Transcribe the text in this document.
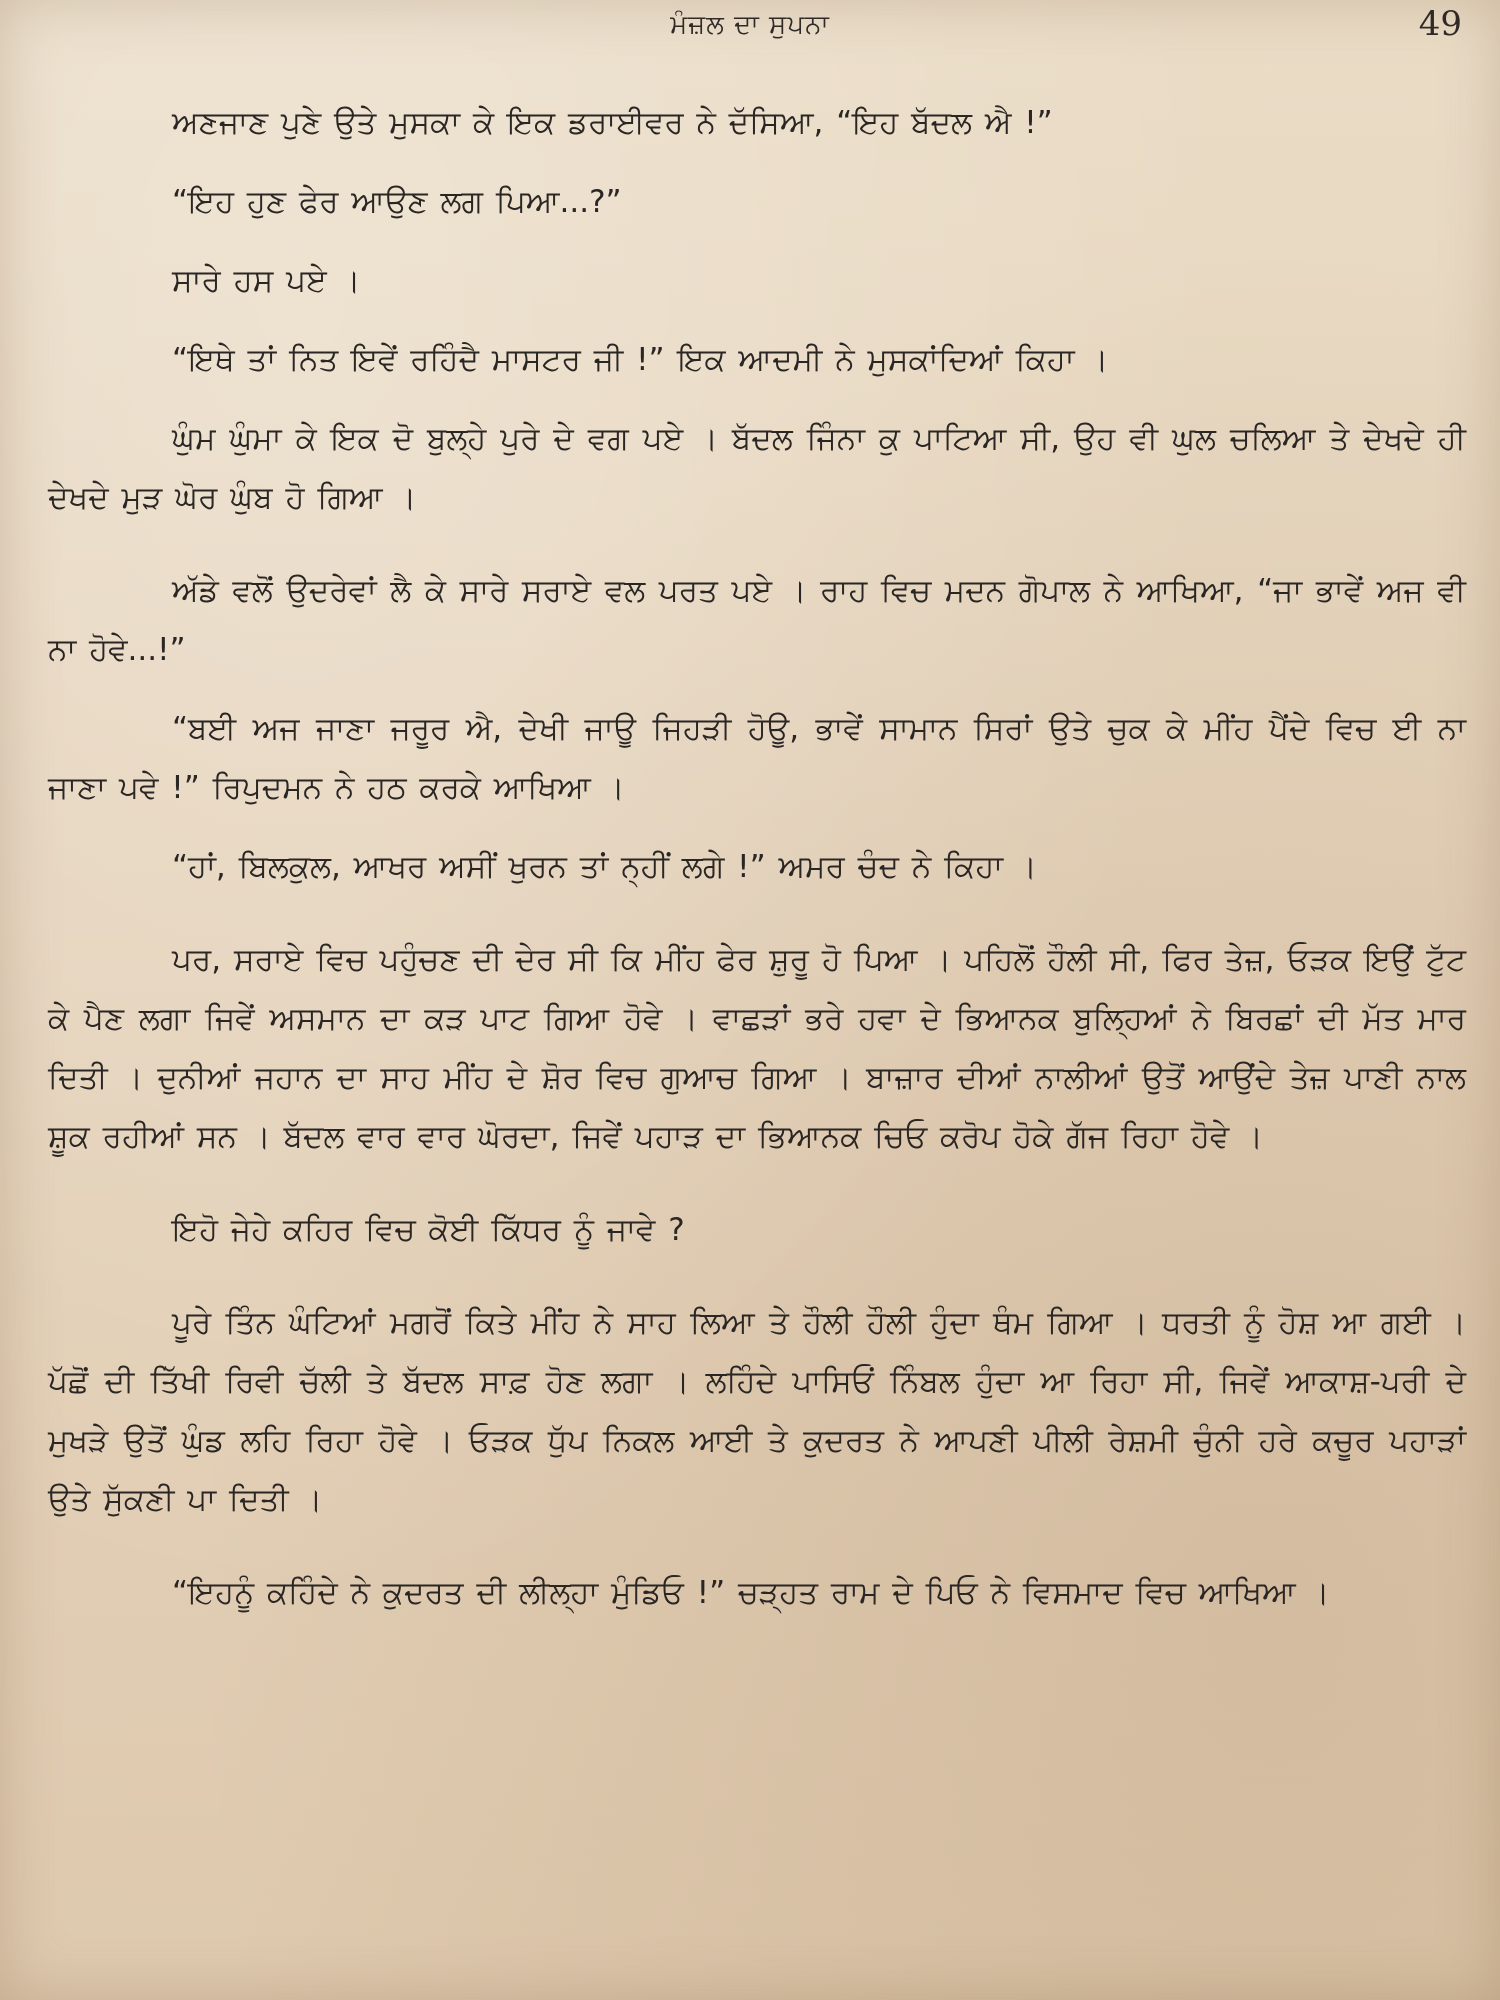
ਮੰਜ਼ਲ ਦਾ ਸੁਪਨਾ	49

ਅਣਜਾਣ ਪੁਣੇ ਉਤੇ ਮੁਸਕਾ ਕੇ ਇਕ ਡਰਾਈਵਰ ਨੇ ਦੱਸਿਆ, “ਇਹ ਬੱਦਲ ਐ !”

“ਇਹ ਹੁਣ ਫੇਰ ਆਉਣ ਲਗ ਪਿਆ...?”

ਸਾਰੇ ਹਸ ਪਏ ।

“ਇਥੇ ਤਾਂ ਨਿਤ ਇਵੇਂ ਰਹਿੰਦੈ ਮਾਸਟਰ ਜੀ !” ਇਕ ਆਦਮੀ ਨੇ ਮੁਸਕਾਂਦਿਆਂ ਕਿਹਾ ।

ਘੁੰਮ ਘੁੰਮਾ ਕੇ ਇਕ ਦੋ ਬੁਲ੍ਹੇ ਪੁਰੇ ਦੇ ਵਗ ਪਏ । ਬੱਦਲ ਜਿੰਨਾ ਕੁ ਪਾਟਿਆ ਸੀ, ਉਹ ਵੀ ਘੁਲ ਚਲਿਆ ਤੇ ਦੇਖਦੇ ਹੀ ਦੇਖਦੇ ਮੁੜ ਘੋਰ ਘੁੰਬ ਹੋ ਗਿਆ ।

ਅੱਡੇ ਵਲੋਂ ਉਦਰੇਵਾਂ ਲੈ ਕੇ ਸਾਰੇ ਸਰਾਏ ਵਲ ਪਰਤ ਪਏ । ਰਾਹ ਵਿਚ ਮਦਨ ਗੋਪਾਲ ਨੇ ਆਖਿਆ, “ਜਾ ਭਾਵੇਂ ਅਜ ਵੀ ਨਾ ਹੋਵੇ...!”

“ਬਈ ਅਜ ਜਾਣਾ ਜਰੂਰ ਐ, ਦੇਖੀ ਜਾਊ ਜਿਹੜੀ ਹੋਊ, ਭਾਵੇਂ ਸਾਮਾਨ ਸਿਰਾਂ ਉਤੇ ਚੁਕ ਕੇ ਮੀਂਹ ਪੈਂਦੇ ਵਿਚ ਈ ਨਾ ਜਾਣਾ ਪਵੇ !” ਰਿਪੁਦਮਨ ਨੇ ਹਠ ਕਰਕੇ ਆਖਿਆ ।

“ਹਾਂ, ਬਿਲਕੁਲ, ਆਖਰ ਅਸੀਂ ਖੁਰਨ ਤਾਂ ਨ੍ਹੀਂ ਲਗੇ !” ਅਮਰ ਚੰਦ ਨੇ ਕਿਹਾ ।

ਪਰ, ਸਰਾਏ ਵਿਚ ਪਹੁੰਚਣ ਦੀ ਦੇਰ ਸੀ ਕਿ ਮੀਂਹ ਫੇਰ ਸ਼ੁਰੂ ਹੋ ਪਿਆ । ਪਹਿਲੋਂ ਹੌਲੀ ਸੀ, ਫਿਰ ਤੇਜ਼, ਓੜਕ ਇਉਂ ਟੁੱਟ ਕੇ ਪੈਣ ਲਗਾ ਜਿਵੇਂ ਅਸਮਾਨ ਦਾ ਕੜ ਪਾਟ ਗਿਆ ਹੋਵੇ । ਵਾਛੜਾਂ ਭਰੇ ਹਵਾ ਦੇ ਭਿਆਨਕ ਬੁਲ੍ਹਿਆਂ ਨੇ ਬਿਰਛਾਂ ਦੀ ਮੱਤ ਮਾਰ ਦਿਤੀ । ਦੁਨੀਆਂ ਜਹਾਨ ਦਾ ਸਾਹ ਮੀਂਹ ਦੇ ਸ਼ੋਰ ਵਿਚ ਗੁਆਚ ਗਿਆ । ਬਾਜ਼ਾਰ ਦੀਆਂ ਨਾਲੀਆਂ ਉਤੋਂ ਆਉਂਦੇ ਤੇਜ਼ ਪਾਣੀ ਨਾਲ ਸ਼ੂਕ ਰਹੀਆਂ ਸਨ । ਬੱਦਲ ਵਾਰ ਵਾਰ ਘੋਰਦਾ, ਜਿਵੇਂ ਪਹਾੜ ਦਾ ਭਿਆਨਕ ਚਿਓ ਕਰੋਪ ਹੋਕੇ ਗੱਜ ਰਿਹਾ ਹੋਵੇ ।

ਇਹੋ ਜੇਹੇ ਕਹਿਰ ਵਿਚ ਕੋਈ ਕਿੱਧਰ ਨੂੰ ਜਾਵੇ ?

ਪੂਰੇ ਤਿੰਨ ਘੰਟਿਆਂ ਮਗਰੋਂ ਕਿਤੇ ਮੀਂਹ ਨੇ ਸਾਹ ਲਿਆ ਤੇ ਹੌਲੀ ਹੌਲੀ ਹੁੰਦਾ ਥੰਮ ਗਿਆ । ਧਰਤੀ ਨੂੰ ਹੋਸ਼ ਆ ਗਈ । ਪੱਛੋਂ ਦੀ ਤਿੱਖੀ ਰਿਵੀ ਚੱਲੀ ਤੇ ਬੱਦਲ ਸਾਫ਼ ਹੋਣ ਲਗਾ । ਲਹਿੰਦੇ ਪਾਸਿਓਂ ਨਿੰਬਲ ਹੁੰਦਾ ਆ ਰਿਹਾ ਸੀ, ਜਿਵੇਂ ਆਕਾਸ਼-ਪਰੀ ਦੇ ਮੁਖੜੇ ਉਤੋਂ ਘੁੰਡ ਲਹਿ ਰਿਹਾ ਹੋਵੇ । ਓੜਕ ਧੁੱਪ ਨਿਕਲ ਆਈ ਤੇ ਕੁਦਰਤ ਨੇ ਆਪਣੀ ਪੀਲੀ ਰੇਸ਼ਮੀ ਚੁੰਨੀ ਹਰੇ ਕਚੂਰ ਪਹਾੜਾਂ ਉਤੇ ਸੁੱਕਣੀ ਪਾ ਦਿਤੀ ।

“ਇਹਨੂੰ ਕਹਿੰਦੇ ਨੇ ਕੁਦਰਤ ਦੀ ਲੀਲ੍ਹਾ ਮੁੰਡਿਓ !” ਚੜ੍ਹਤ ਰਾਮ ਦੇ ਪਿਓ ਨੇ ਵਿਸਮਾਦ ਵਿਚ ਆਖਿਆ ।
